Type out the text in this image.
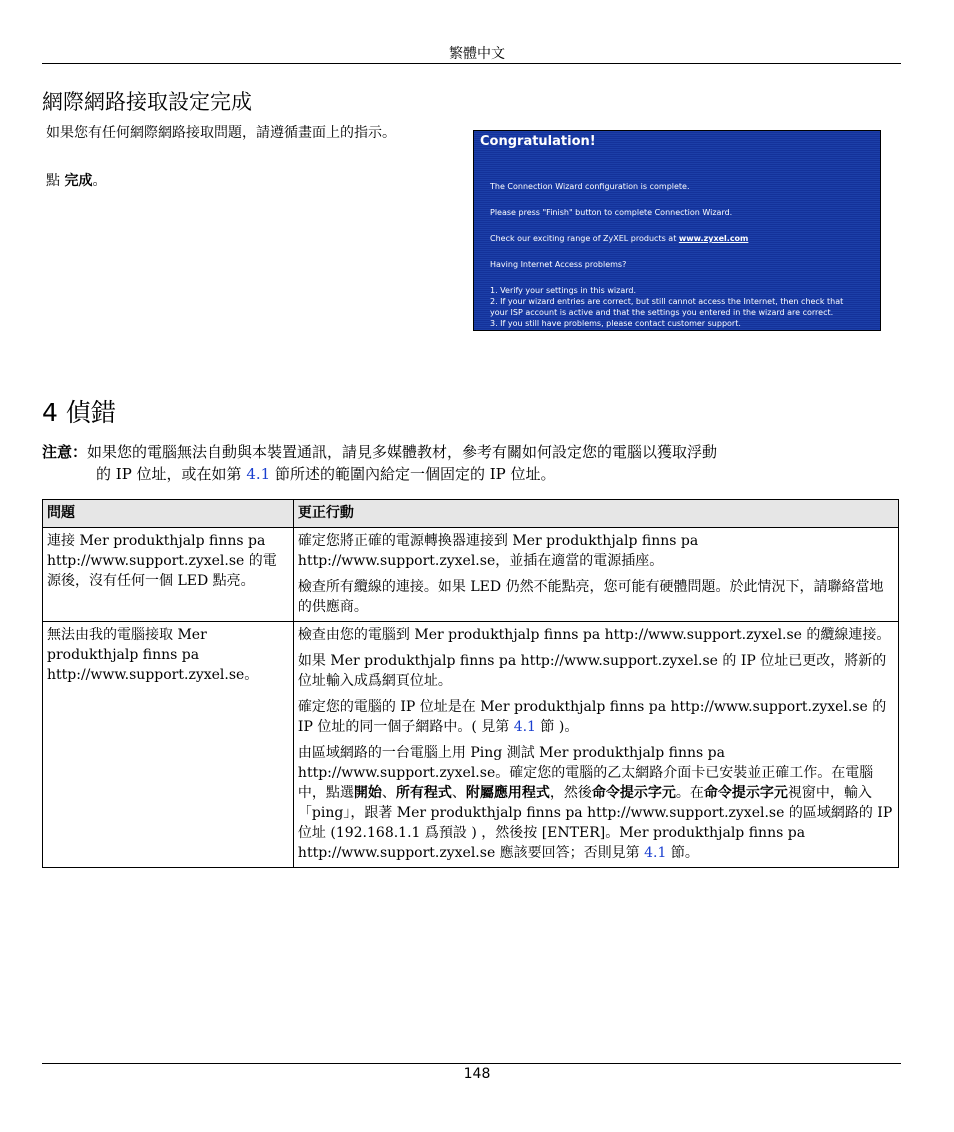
繁體中文
網際網路接取設定完成
如果您有任何網際網路接取問題，請遵循畫面上的指示。
點 完成。
Congratulation!
The Connection Wizard configuration is complete.
Please press "Finish" button to complete Connection Wizard.
Check our exciting range of ZyXEL products at www.zyxel.com
Having Internet Access problems?
1. Verify your settings in this wizard.
2. If your wizard entries are correct, but still cannot access the Internet, then check that
your ISP account is active and that the settings you entered in the wizard are correct.
3. If you still have problems, please contact customer support.
4 偵錯
注意：如果您的電腦無法自動與本裝置通訊，請見多媒體教材，參考有關如何設定您的電腦以獲取浮動
的 IP 位址，或在如第 4.1 節所述的範圍內給定一個固定的 IP 位址。
問題	更正行動
連接 Mer produkthjalp finns pa http://www.support.zyxel.se 的電源後，沒有任何一個 LED 點亮。	確定您將正確的電源轉換器連接到 Mer produkthjalp finns pa http://www.support.zyxel.se，並插在適當的電源插座。

檢查所有纜線的連接。如果 LED 仍然不能點亮，您可能有硬體問題。於此情況下，請聯絡當地的供應商。

無法由我的電腦接取 Mer produkthjalp finns pa http://www.support.zyxel.se。	檢查由您的電腦到 Mer produkthjalp finns pa http://www.support.zyxel.se 的纜線連接。

如果 Mer produkthjalp finns pa http://www.support.zyxel.se 的 IP 位址已更改，將新的位址輸入成爲網頁位址。

確定您的電腦的 IP 位址是在 Mer produkthjalp finns pa http://www.support.zyxel.se 的 IP 位址的同一個子網路中。( 見第 4.1 節 )。

由區域網路的一台電腦上用 Ping 測試 Mer produkthjalp finns pa http://www.support.zyxel.se。確定您的電腦的乙太網路介面卡已安裝並正確工作。在電腦中，點選開始、所有程式、附屬應用程式，然後命令提示字元。在命令提示字元視窗中，輸入「ping」，跟著 Mer produkthjalp finns pa http://www.support.zyxel.se 的區域網路的 IP 位址 (192.168.1.1 爲預設 ) ，然後按 [ENTER]。Mer produkthjalp finns pa http://www.support.zyxel.se 應該要回答；否則見第 4.1 節。

148
